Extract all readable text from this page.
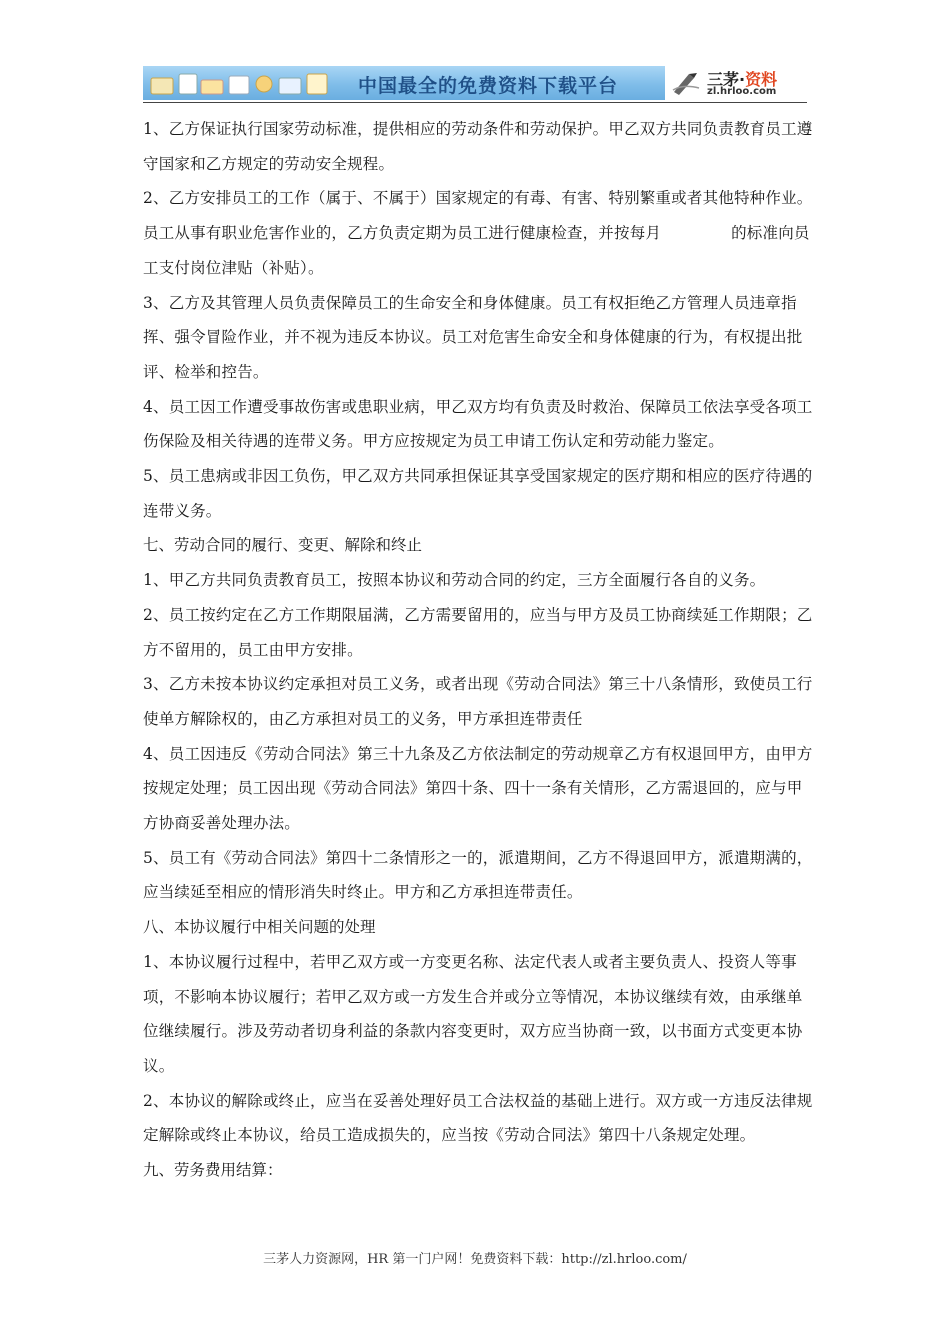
中国最全的免费资料下载平台	三茅·资料
zl.hrloo.com

1、乙方保证执行国家劳动标准，提供相应的劳动条件和劳动保护。甲乙双方共同负责教育员工遵守国家和乙方规定的劳动安全规程。

2、乙方安排员工的工作（属于、不属于）国家规定的有毒、有害、特别繁重或者其他特种作业。员工从事有职业危害作业的，乙方负责定期为员工进行健康检查，并按每月	的标准向员工支付岗位津贴（补贴）。

3、乙方及其管理人员负责保障员工的生命安全和身体健康。员工有权拒绝乙方管理人员违章指挥、强令冒险作业，并不视为违反本协议。员工对危害生命安全和身体健康的行为，有权提出批评、检举和控告。

4、员工因工作遭受事故伤害或患职业病，甲乙双方均有负责及时救治、保障员工依法享受各项工伤保险及相关待遇的连带义务。甲方应按规定为员工申请工伤认定和劳动能力鉴定。

5、员工患病或非因工负伤，甲乙双方共同承担保证其享受国家规定的医疗期和相应的医疗待遇的连带义务。

七、劳动合同的履行、变更、解除和终止

1、甲乙方共同负责教育员工，按照本协议和劳动合同的约定，三方全面履行各自的义务。

2、员工按约定在乙方工作期限届满，乙方需要留用的，应当与甲方及员工协商续延工作期限；乙方不留用的，员工由甲方安排。

3、乙方未按本协议约定承担对员工义务，或者出现《劳动合同法》第三十八条情形，致使员工行使单方解除权的，由乙方承担对员工的义务，甲方承担连带责任

4、员工因违反《劳动合同法》第三十九条及乙方依法制定的劳动规章乙方有权退回甲方，由甲方按规定处理；员工因出现《劳动合同法》第四十条、四十一条有关情形，乙方需退回的，应与甲方协商妥善处理办法。

5、员工有《劳动合同法》第四十二条情形之一的，派遣期间，乙方不得退回甲方，派遣期满的，应当续延至相应的情形消失时终止。甲方和乙方承担连带责任。

八、本协议履行中相关问题的处理

1、本协议履行过程中，若甲乙双方或一方变更名称、法定代表人或者主要负责人、投资人等事项，不影响本协议履行；若甲乙双方或一方发生合并或分立等情况，本协议继续有效，由承继单位继续履行。涉及劳动者切身利益的条款内容变更时，双方应当协商一致，以书面方式变更本协议。

2、本协议的解除或终止，应当在妥善处理好员工合法权益的基础上进行。双方或一方违反法律规定解除或终止本协议，给员工造成损失的，应当按《劳动合同法》第四十八条规定处理。

九、劳务费用结算：

三茅人力资源网，HR 第一门户网！免费资料下载：http://zl.hrloo.com/
